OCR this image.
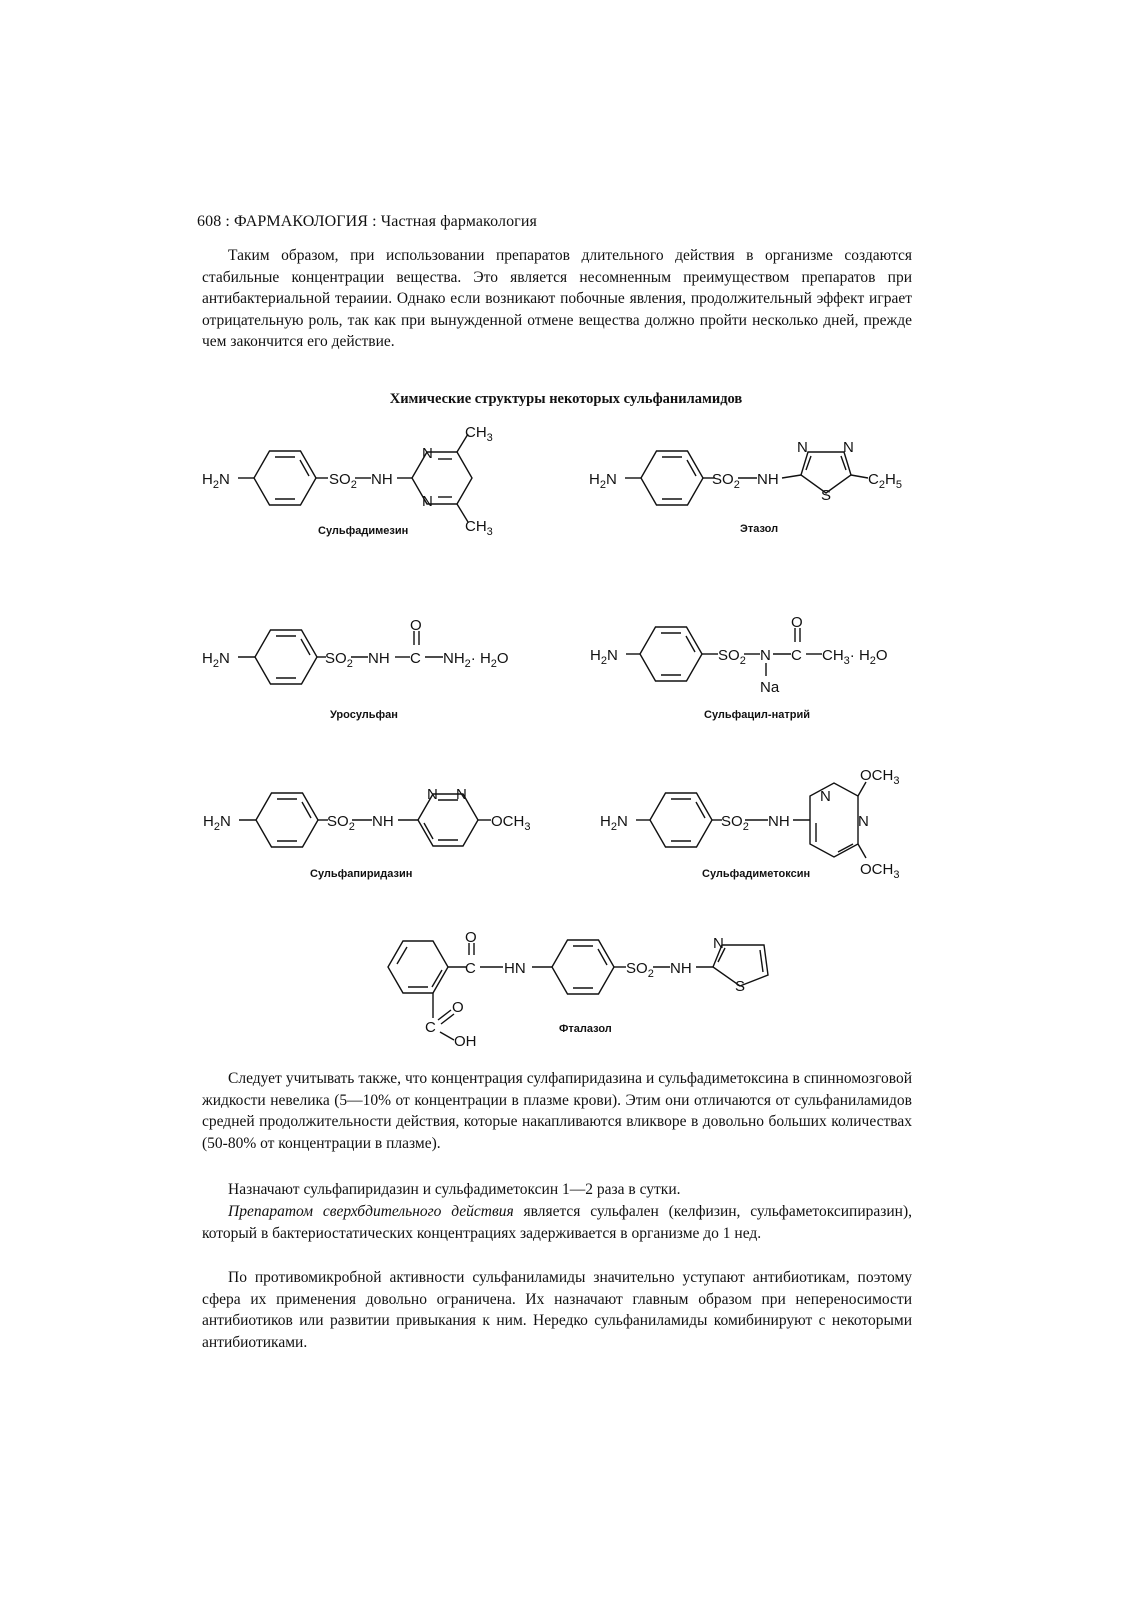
608 : ФАРМАКОЛОГИЯ : Частная фармакология

Таким образом, при использовании препаратов длительного действия в организме создаются стабильные концентрации вещества. Это является несомненным преимуществом препаратов при антибактериальной тераиии. Однако если возникают побочные явления, продолжительный эффект играет отрицательную роль, так как при вынужденной отмене вещества должно пройти несколько дней, прежде чем закончится его действие.

Химические структуры некоторых сульфаниламидов
$H_2N$	$SO_2$ NH
N
N
$CH_3$
$CH_3$
Сульфадимезин
$H_2N$	$SO_2$ NH
N N
S
$C_2H_5$
Этазол
$H_2N$	$SO_2$ NH C
O
$NH_2\cdot H_2O$
Уросульфан
$H_2N$	$SO_2$ N
Na
C
O
$CH_3\cdot H_2O$
Сульфацил-натрий
$H_2N$	$SO_2$ NH
N N
$OCH_3$
Сульфапиридазин
$H_2N$	$SO_2$ NH
N
N
$OCH_3$
$OCH_3$
Сульфадиметоксин
C
O
HN	$SO_2$ NH
N
S
C
O
OH
Фталазол

Следует учитывать также, что концентрация сулфапиридазина и сульфадиметоксина в спинномозговой жидкости невелика (5—10% от концентрации в плазме крови). Этим они отличаются от сульфаниламидов средней продолжительности действия, которые накапливаются вликворе в довольно больших количествах (50-80% от концентрации в плазме).

Назначают сульфапиридазин и сульфадиметоксин 1—2 раза в сутки.

Препаратом сверхбдительного действия является сульфален (келфизин, сульфаметоксипиразин), который в бактериостатических концентрациях задерживается в организме до 1 нед.

По противомикробной активности сульфаниламиды значительно уступают антибиотикам, поэтому сфера их применения довольно ограничена. Их назначают главным образом при непереносимости антибиотиков или развитии привыкания к ним. Нередко сульфаниламиды комибинируют с некоторыми антибиотиками.
